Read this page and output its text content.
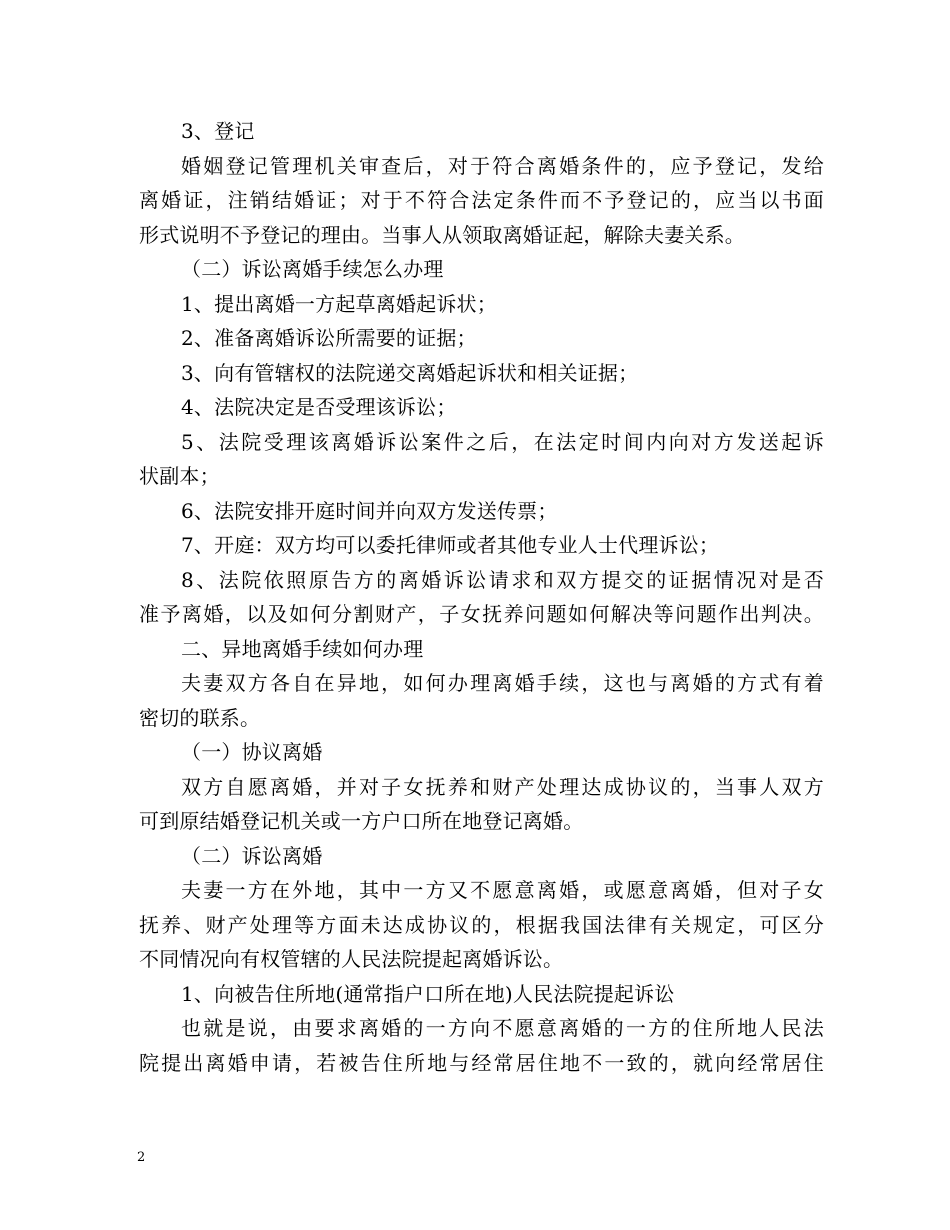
3、登记
婚姻登记管理机关审查后，对于符合离婚条件的，应予登记，发给
离婚证，注销结婚证；对于不符合法定条件而不予登记的，应当以书面
形式说明不予登记的理由。当事人从领取离婚证起，解除夫妻关系。
（二）诉讼离婚手续怎么办理
1、提出离婚一方起草离婚起诉状；
2、准备离婚诉讼所需要的证据；
3、向有管辖权的法院递交离婚起诉状和相关证据；
4、法院决定是否受理该诉讼；
5、法院受理该离婚诉讼案件之后，在法定时间内向对方发送起诉
状副本；
6、法院安排开庭时间并向双方发送传票；
7、开庭：双方均可以委托律师或者其他专业人士代理诉讼；
8、法院依照原告方的离婚诉讼请求和双方提交的证据情况对是否
准予离婚，以及如何分割财产，子女抚养问题如何解决等问题作出判决。
二、异地离婚手续如何办理
夫妻双方各自在异地，如何办理离婚手续，这也与离婚的方式有着
密切的联系。
（一）协议离婚
双方自愿离婚，并对子女抚养和财产处理达成协议的，当事人双方
可到原结婚登记机关或一方户口所在地登记离婚。
（二）诉讼离婚
夫妻一方在外地，其中一方又不愿意离婚，或愿意离婚，但对子女
抚养、财产处理等方面未达成协议的，根据我国法律有关规定，可区分
不同情况向有权管辖的人民法院提起离婚诉讼。
1、向被告住所地(通常指户口所在地)人民法院提起诉讼
也就是说，由要求离婚的一方向不愿意离婚的一方的住所地人民法
院提出离婚申请，若被告住所地与经常居住地不一致的，就向经常居住
2
